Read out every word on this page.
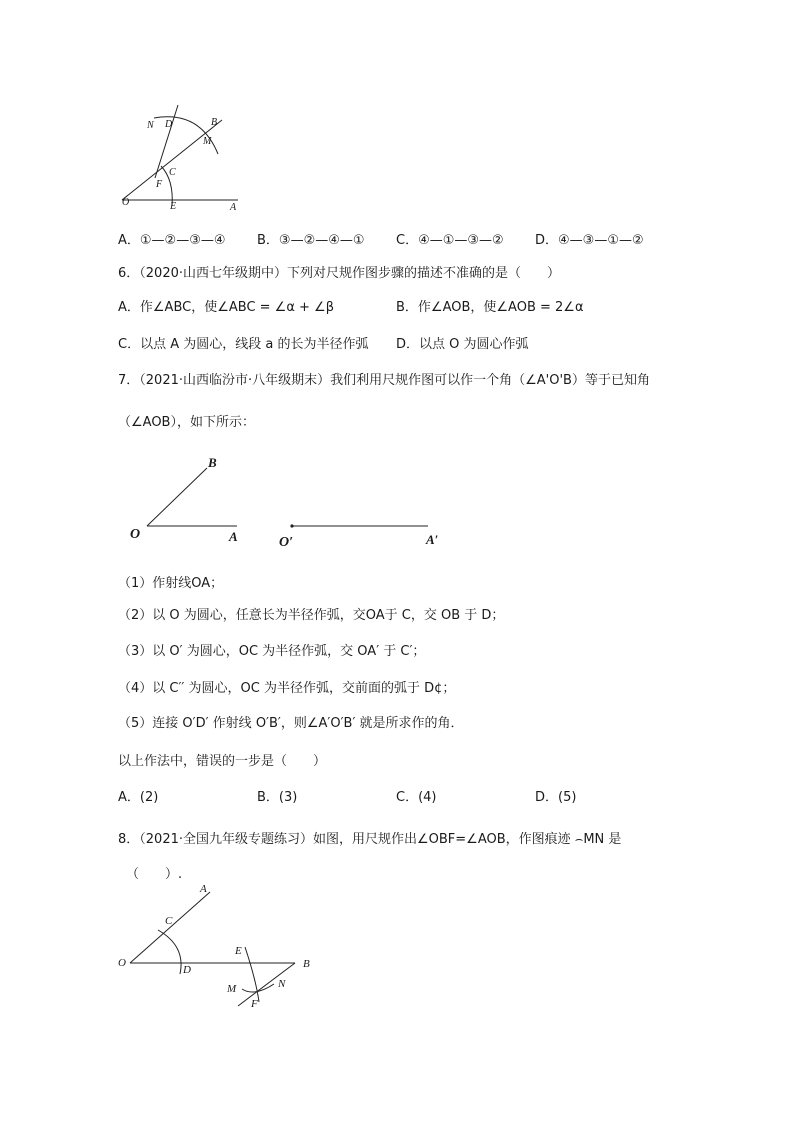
N D	B
M
C
F
O	E	A
A．①—②—③—④ B．③—②—④—① C．④—①—③—② D．④—③—①—②
6．（2020·山西七年级期中）下列对尺规作图步骤的描述不准确的是（　　）
A．作∠ABC，使∠ABC = ∠α + ∠β	B．作∠AOB，使∠AOB = 2∠α
C．以点 A 为圆心，线段 a 的长为半径作弧 D．以点 O 为圆心作弧
7．（2021·山西临汾市·八年级期末）我们利用尺规作图可以作一个角（∠A'O'B）等于已知角
（∠AOB），如下所示：
B
O	A	O′	A′
（1）作射线OA；
（2）以 O 为圆心，任意长为半径作弧，交OA于 C，交 OB 于 D；
（3）以 O′ 为圆心，OC 为半径作弧，交 OA′ 于 C′；
（4）以 C′′ 为圆心，OC 为半径作弧，交前面的弧于 D¢；
（5）连接 O′D′ 作射线 O′B′，则∠A′O′B′ 就是所求作的角．
以上作法中，错误的一步是（　　）
A．(2)	B．(3)	C．(4)	D．(5)
8．（2021·全国九年级专题练习）如图，用尺规作出∠OBF=∠AOB，作图痕迹 ⌢MN 是
（　　）.
A
C
O
D
E
B
M	N
F
